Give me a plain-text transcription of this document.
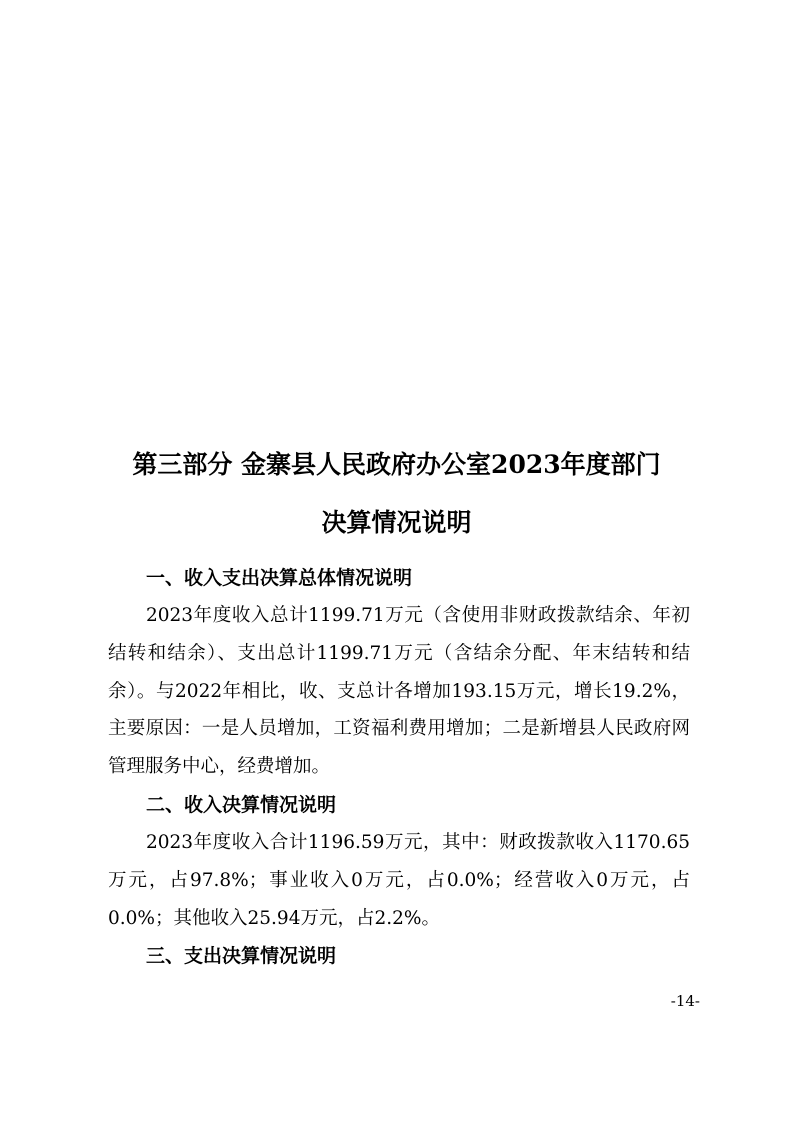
第三部分 金寨县人民政府办公室2023年度部门
决算情况说明
一、收入支出决算总体情况说明

2023年度收入总计1199.71万元（含使用非财政拨款结余、年初结转和结余）、支出总计1199.71万元（含结余分配、年末结转和结余）。与2022年相比，收、支总计各增加193.15万元，增长19.2%，主要原因：一是人员增加，工资福利费用增加；二是新增县人民政府网管理服务中心，经费增加。

二、收入决算情况说明

2023年度收入合计1196.59万元，其中：财政拨款收入1170.65万元，占97.8%；事业收入0万元，占0.0%；经营收入0万元，占0.0%；其他收入25.94万元，占2.2%。

三、支出决算情况说明
-14-
